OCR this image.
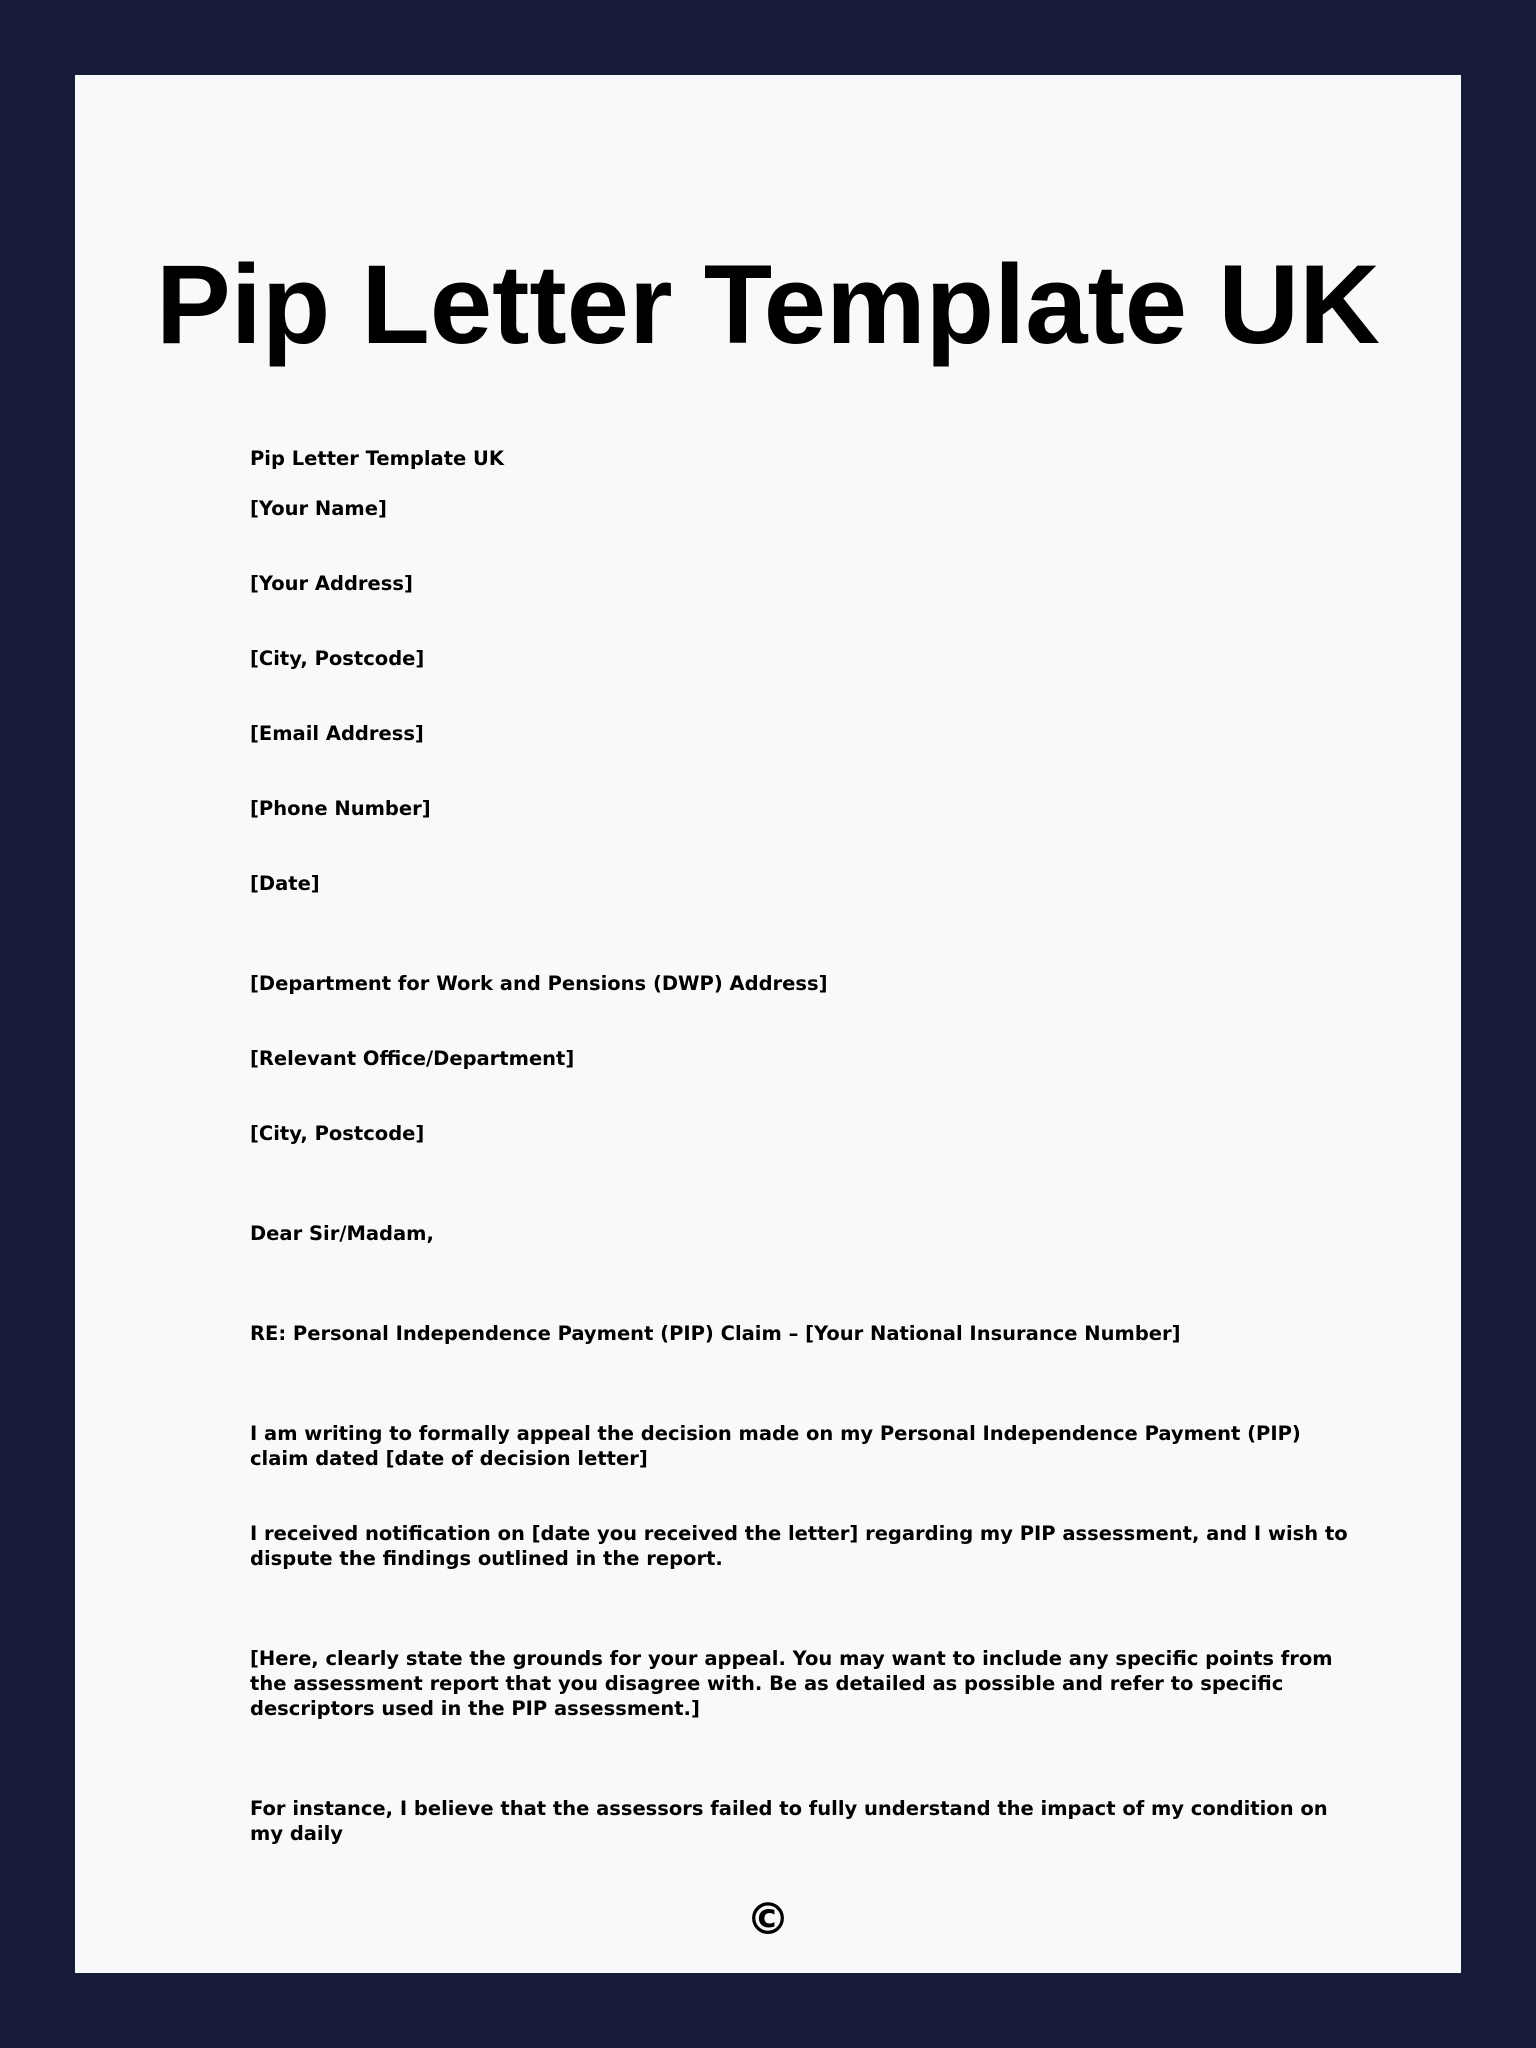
Pip Letter Template UK

Pip Letter Template UK

[Your Name]

[Your Address]

[City, Postcode]

[Email Address]

[Phone Number]

[Date]

[Department for Work and Pensions (DWP) Address]

[Relevant Office/Department]

[City, Postcode]

Dear Sir/Madam,

RE: Personal Independence Payment (PIP) Claim – [Your National Insurance Number]

I am writing to formally appeal the decision made on my Personal Independence Payment (PIP) claim dated [date of decision letter]

I received notification on [date you received the letter] regarding my PIP assessment, and I wish to dispute the findings outlined in the report.

[Here, clearly state the grounds for your appeal. You may want to include any specific points from the assessment report that you disagree with. Be as detailed as possible and refer to specific descriptors used in the PIP assessment.]

For instance, I believe that the assessors failed to fully understand the impact of my condition on my daily

©
